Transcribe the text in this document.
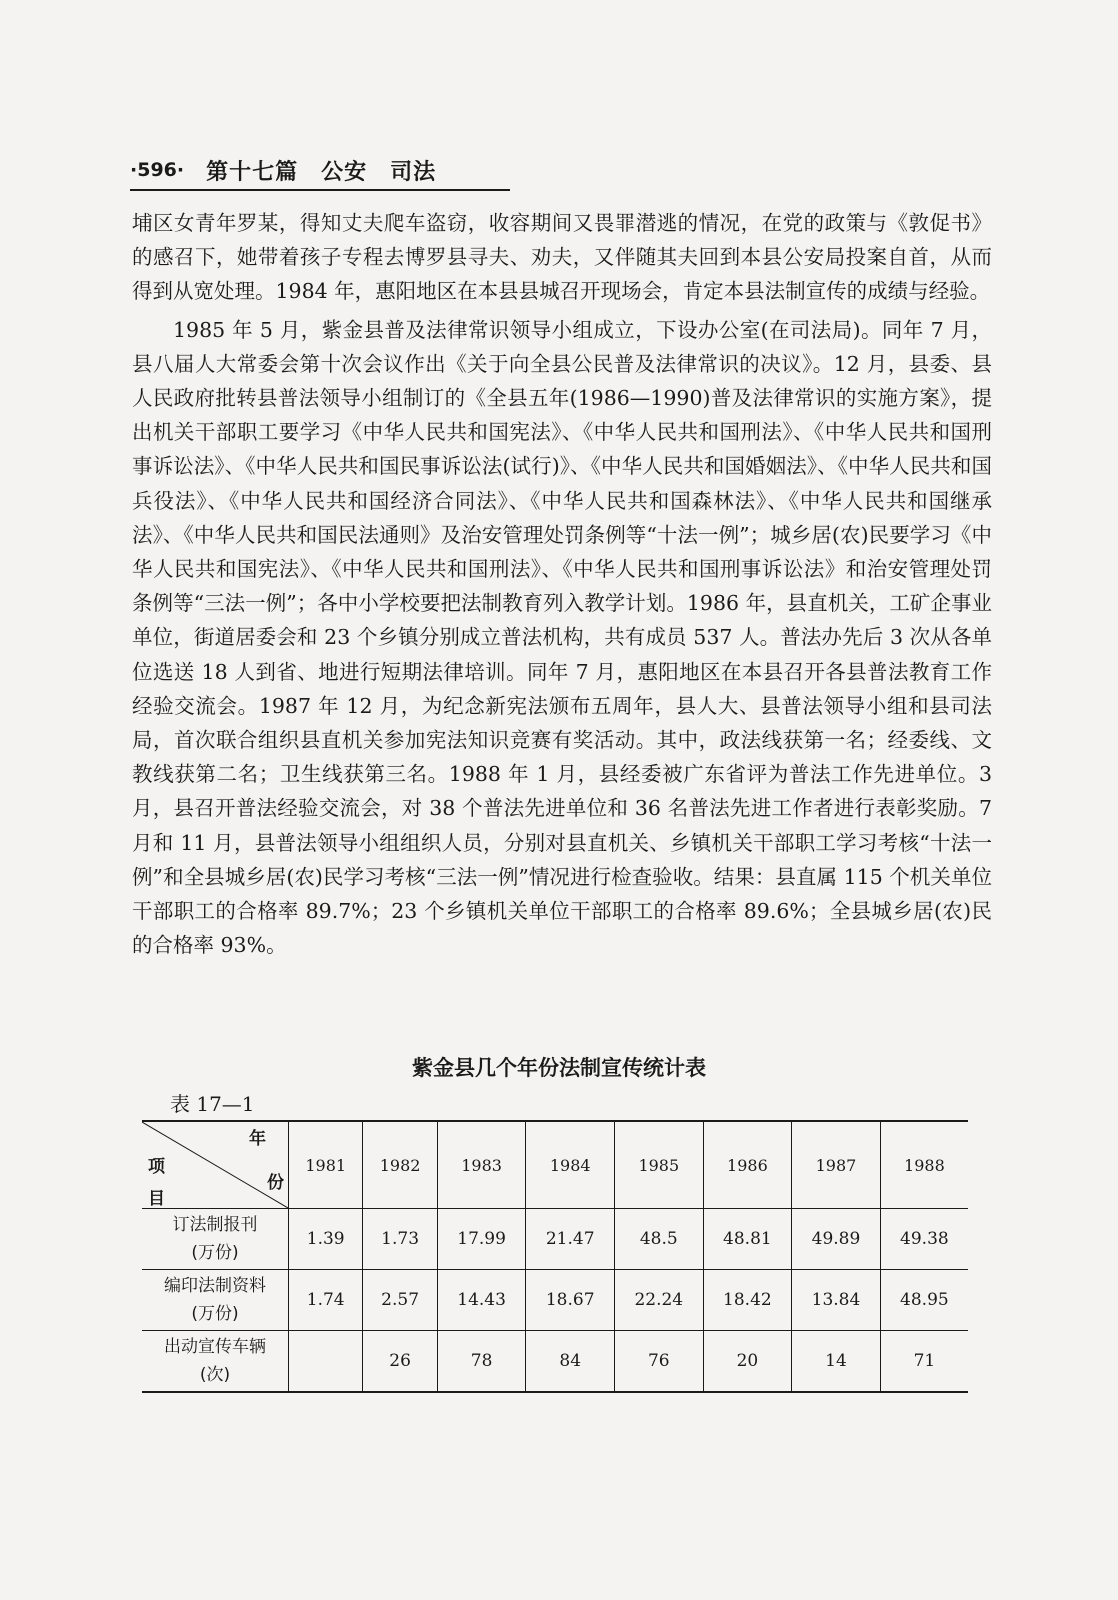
·596· 第十七篇　公安　司法

埔区女青年罗某，得知丈夫爬车盗窃，收容期间又畏罪潜逃的情况，在党的政策与《敦促书》的感召下，她带着孩子专程去博罗县寻夫、劝夫，又伴随其夫回到本县公安局投案自首，从而得到从宽处理。1984 年，惠阳地区在本县县城召开现场会，肯定本县法制宣传的成绩与经验。

1985 年 5 月，紫金县普及法律常识领导小组成立，下设办公室(在司法局)。同年 7 月，县八届人大常委会第十次会议作出《关于向全县公民普及法律常识的决议》。12 月，县委、县人民政府批转县普法领导小组制订的《全县五年(1986—1990)普及法律常识的实施方案》，提出机关干部职工要学习《中华人民共和国宪法》、《中华人民共和国刑法》、《中华人民共和国刑事诉讼法》、《中华人民共和国民事诉讼法(试行)》、《中华人民共和国婚姻法》、《中华人民共和国兵役法》、《中华人民共和国经济合同法》、《中华人民共和国森林法》、《中华人民共和国继承法》、《中华人民共和国民法通则》及治安管理处罚条例等“十法一例”；城乡居(农)民要学习《中华人民共和国宪法》、《中华人民共和国刑法》、《中华人民共和国刑事诉讼法》和治安管理处罚条例等“三法一例”；各中小学校要把法制教育列入教学计划。1986 年，县直机关，工矿企事业单位，街道居委会和 23 个乡镇分别成立普法机构，共有成员 537 人。普法办先后 3 次从各单位选送 18 人到省、地进行短期法律培训。同年 7 月，惠阳地区在本县召开各县普法教育工作经验交流会。1987 年 12 月，为纪念新宪法颁布五周年，县人大、县普法领导小组和县司法局，首次联合组织县直机关参加宪法知识竞赛有奖活动。其中，政法线获第一名；经委线、文教线获第二名；卫生线获第三名。1988 年 1 月，县经委被广东省评为普法工作先进单位。3 月，县召开普法经验交流会，对 38 个普法先进单位和 36 名普法先进工作者进行表彰奖励。7 月和 11 月，县普法领导小组组织人员，分别对县直机关、乡镇机关干部职工学习考核“十法一例”和全县城乡居(农)民学习考核“三法一例”情况进行检查验收。结果：县直属 115 个机关单位干部职工的合格率 89.7%；23 个乡镇机关单位干部职工的合格率 89.6%；全县城乡居(农)民的合格率 93%。

紫金县几个年份法制宣传统计表
表 17—1
年
项
份
目	1981	1982	1983	1984	1985	1986	1987	1988

订法制报刊
(万份)	1.39	1.73	17.99	21.47	48.5	48.81	49.89	49.38

编印法制资料
(万份)	1.74	2.57	14.43	18.67	22.24	18.42	13.84	48.95

出动宣传车辆
(次)		26	78	84	76	20	14	71
